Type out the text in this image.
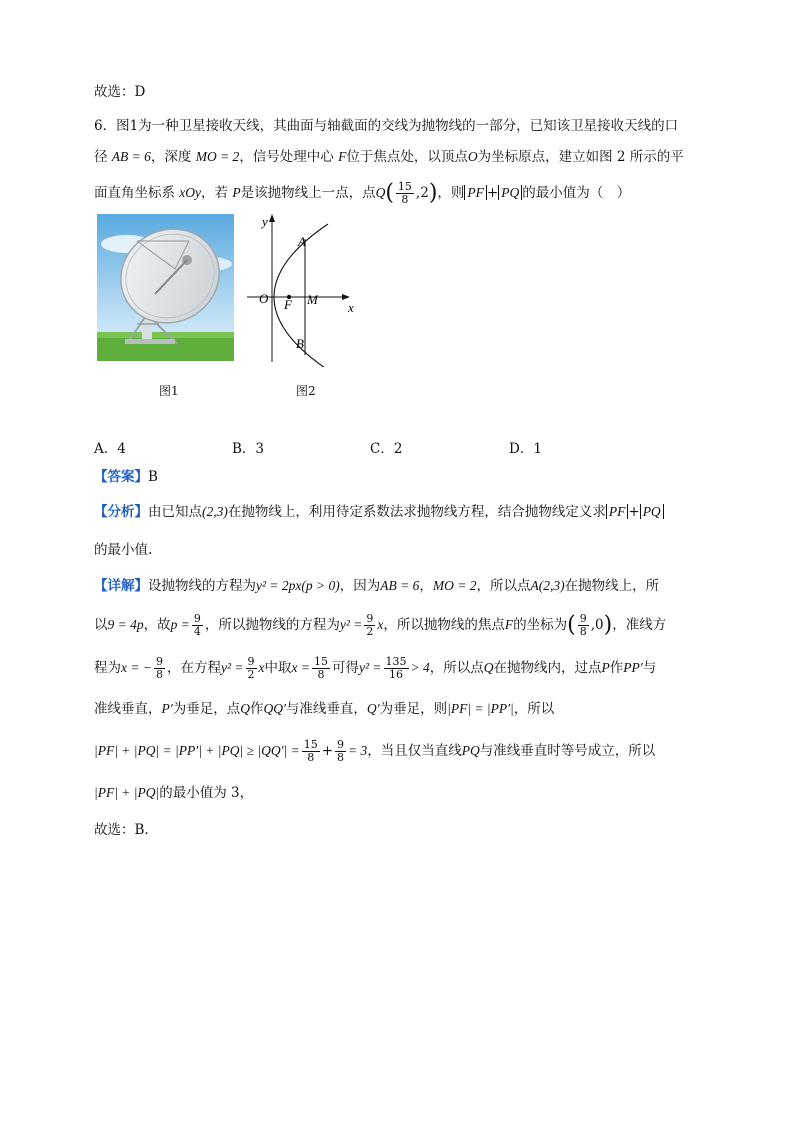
故选：D
6．图1为一种卫星接收天线，其曲面与轴截面的交线为抛物线的一部分，已知该卫星接收天线的口
径 AB = 6，深度 MO = 2，信号处理中心 F位于焦点处，以顶点O为坐标原点，建立如图 2 所示的平
面直角坐标系 xOy，若 P是该抛物线上一点，点$Q( \frac{15}{8} ,2)$，则 PF + PQ 的最小值为（　）
图1
y
x
O F M
A
B
图2
A．4	B．3	C．2	D．1
【答案】B
【分析】由已知点(2,3)在抛物线上，利用待定系数法求抛物线方程，结合抛物线定义求 PF + PQ
的最小值.
【详解】设抛物线的方程为y² = 2px(p > 0)，因为AB = 6，MO = 2，所以点A(2,3)在抛物线上，所
以9 = 4p，故$p = \frac{9}{4}$ ，所以抛物线的方程为$y^2 = \frac{9}{2}$ x，所以抛物线的焦点F的坐标为( $\frac{9}{8} ,0$)，准线方
程为x = − $\frac{9}{8}$ ，在方程$y^2 = \frac{9}{2}$ x中取$x = \frac{15}{8}$ 可得$y^2 = \frac{135}{16} > 4$，所以点Q在抛物线内，过点P作PP′与
准线垂直，P′为垂足，点Q作QQ′与准线垂直，Q′为垂足，则|PF| = |PP′|，所以
$|PF| + |PQ| = |PP'| + |PQ| \ge |QQ'| = \frac{15}{8} + \frac{9}{8} = 3$，当且仅当直线PQ与准线垂直时等号成立，所以
|PF| + |PQ|的最小值为 3，
故选：B.
